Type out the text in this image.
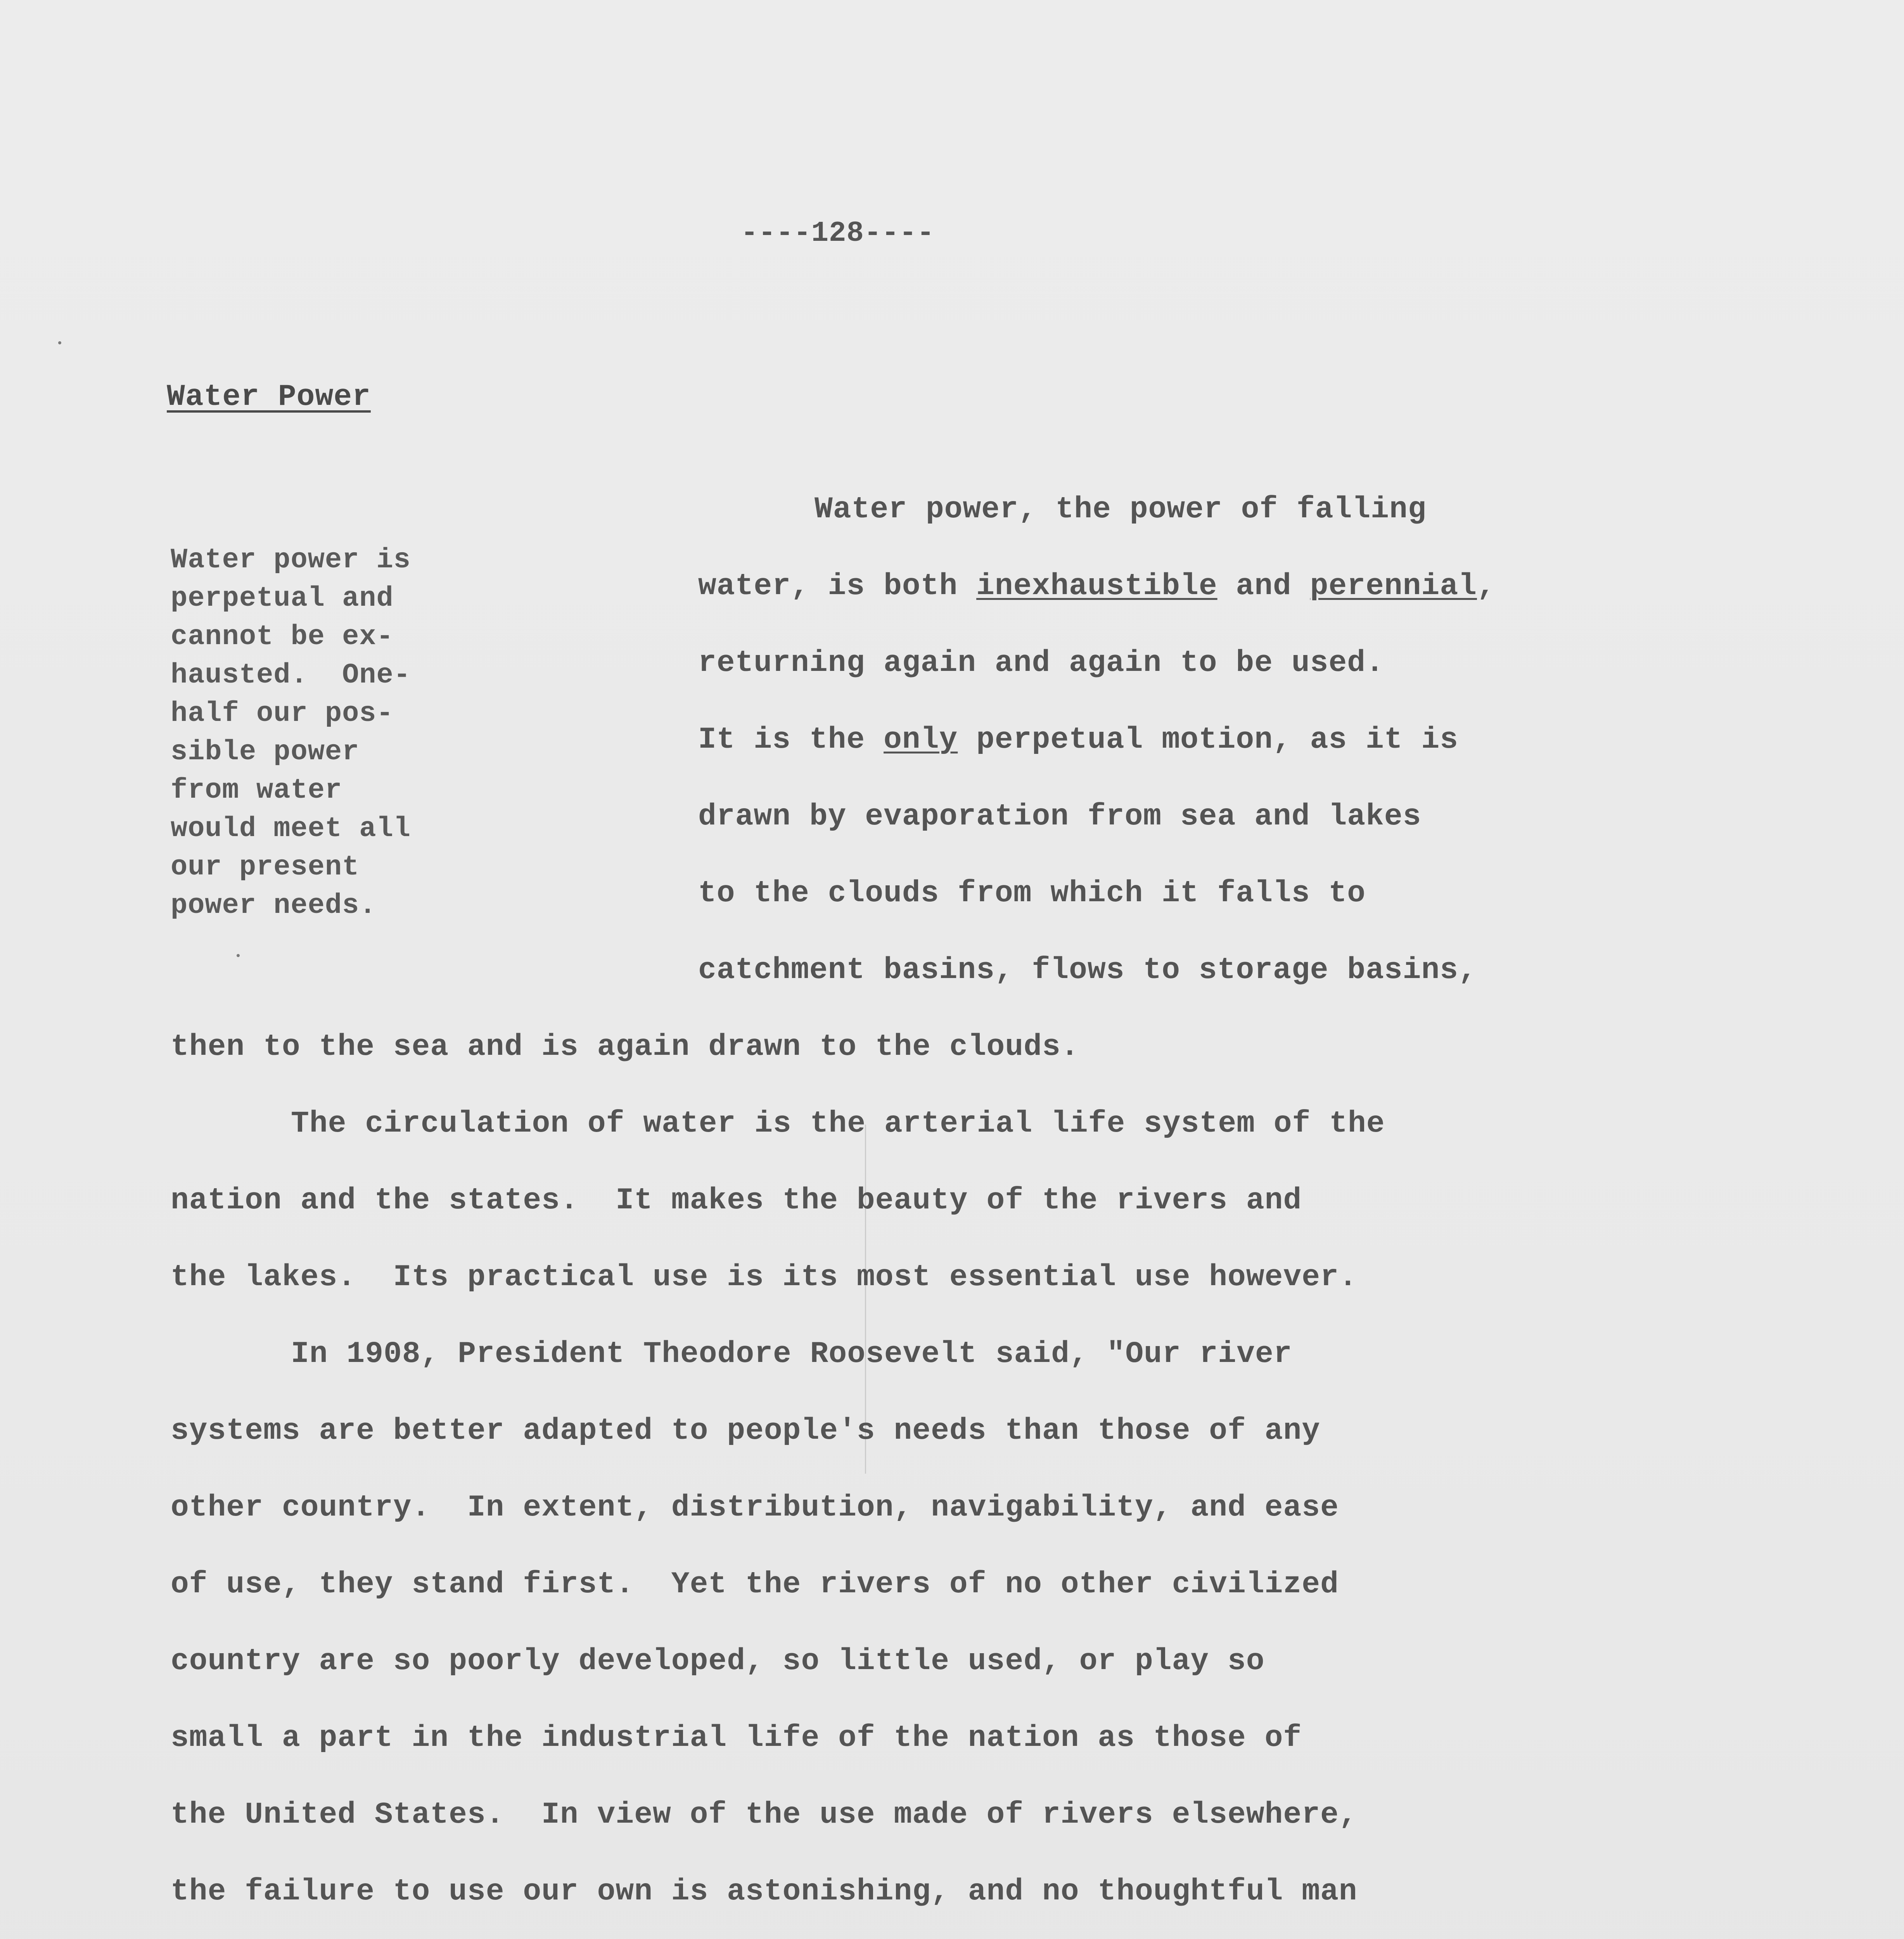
----128----
Water Power
Water power is
perpetual and
cannot be ex-
hausted.  One-
half our pos-
sible power
from water
would meet all
our present
power needs.
Water power, the power of falling
water, is both inexhaustible and perennial,
returning again and again to be used.
It is the only perpetual motion, as it is
drawn by evaporation from sea and lakes
to the clouds from which it falls to
catchment basins, flows to storage basins,
then to the sea and is again drawn to the clouds.
The circulation of water is the arterial life system of the
nation and the states.  It makes the beauty of the rivers and
the lakes.  Its practical use is its most essential use however.
In 1908, President Theodore Roosevelt said, "Our river
systems are better adapted to people's needs than those of any
other country.  In extent, distribution, navigability, and ease
of use, they stand first.  Yet the rivers of no other civilized
country are so poorly developed, so little used, or play so
small a part in the industrial life of the nation as those of
the United States.  In view of the use made of rivers elsewhere,
the failure to use our own is astonishing, and no thoughtful man
